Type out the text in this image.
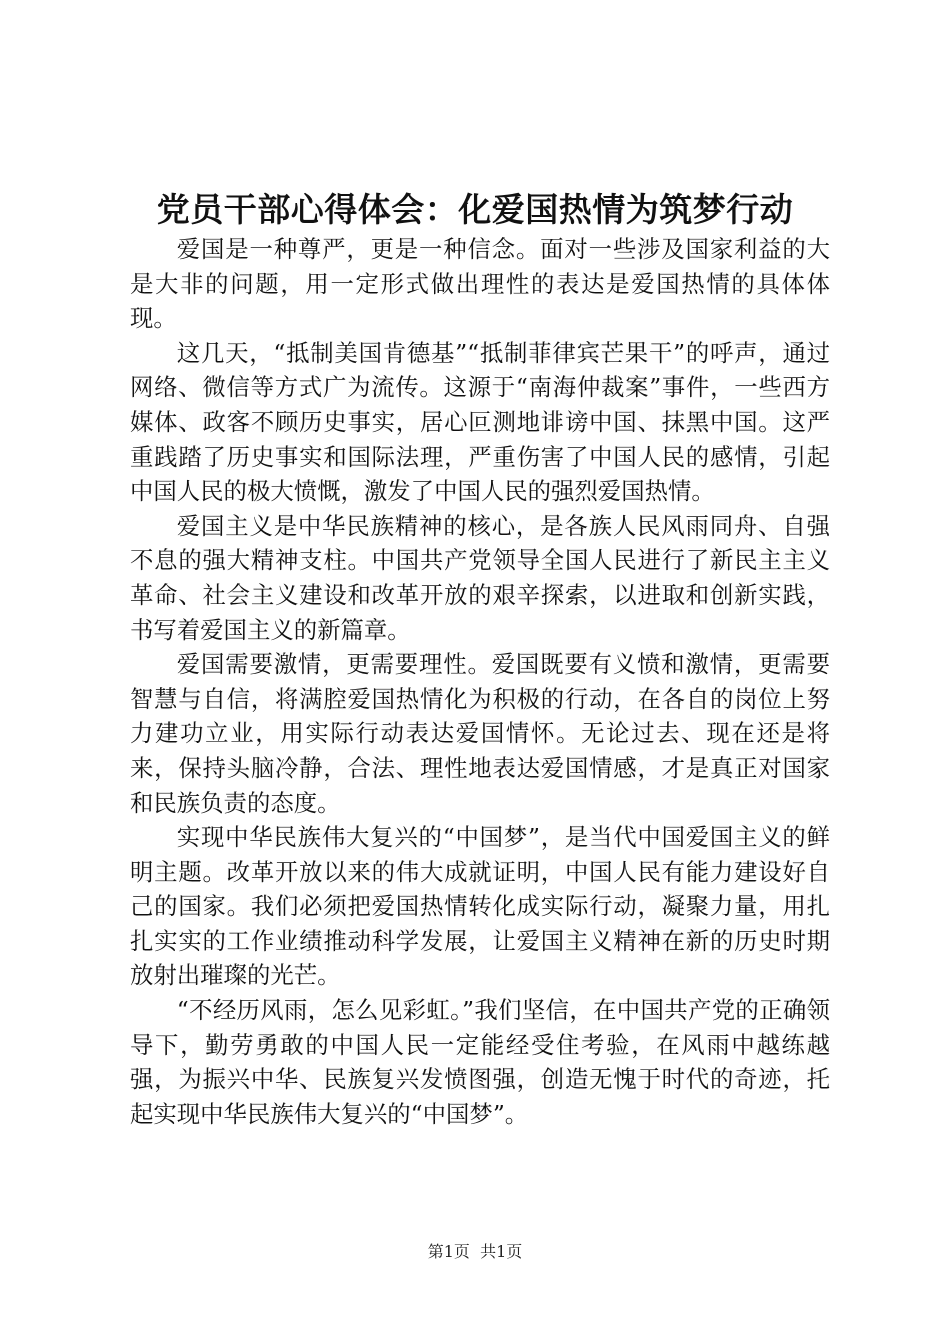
党员干部心得体会：化爱国热情为筑梦行动

爱国是一种尊严，更是一种信念。面对一些涉及国家利益的大是大非的问题，用一定形式做出理性的表达是爱国热情的具体体现。

这几天，“抵制美国肯德基”“抵制菲律宾芒果干”的呼声，通过网络、微信等方式广为流传。这源于“南海仲裁案”事件，一些西方媒体、政客不顾历史事实，居心叵测地诽谤中国、抹黑中国。这严重践踏了历史事实和国际法理，严重伤害了中国人民的感情，引起中国人民的极大愤慨，激发了中国人民的强烈爱国热情。

爱国主义是中华民族精神的核心，是各族人民风雨同舟、自强不息的强大精神支柱。中国共产党领导全国人民进行了新民主主义革命、社会主义建设和改革开放的艰辛探索，以进取和创新实践，书写着爱国主义的新篇章。

爱国需要激情，更需要理性。爱国既要有义愤和激情，更需要智慧与自信，将满腔爱国热情化为积极的行动，在各自的岗位上努力建功立业，用实际行动表达爱国情怀。无论过去、现在还是将来，保持头脑冷静，合法、理性地表达爱国情感，才是真正对国家和民族负责的态度。

实现中华民族伟大复兴的“中国梦”，是当代中国爱国主义的鲜明主题。改革开放以来的伟大成就证明，中国人民有能力建设好自己的国家。我们必须把爱国热情转化成实际行动，凝聚力量，用扎扎实实的工作业绩推动科学发展，让爱国主义精神在新的历史时期放射出璀璨的光芒。

“不经历风雨，怎么见彩虹。”我们坚信，在中国共产党的正确领导下，勤劳勇敢的中国人民一定能经受住考验，在风雨中越练越强，为振兴中华、民族复兴发愤图强，创造无愧于时代的奇迹，托起实现中华民族伟大复兴的“中国梦”。

第1页 共1页
